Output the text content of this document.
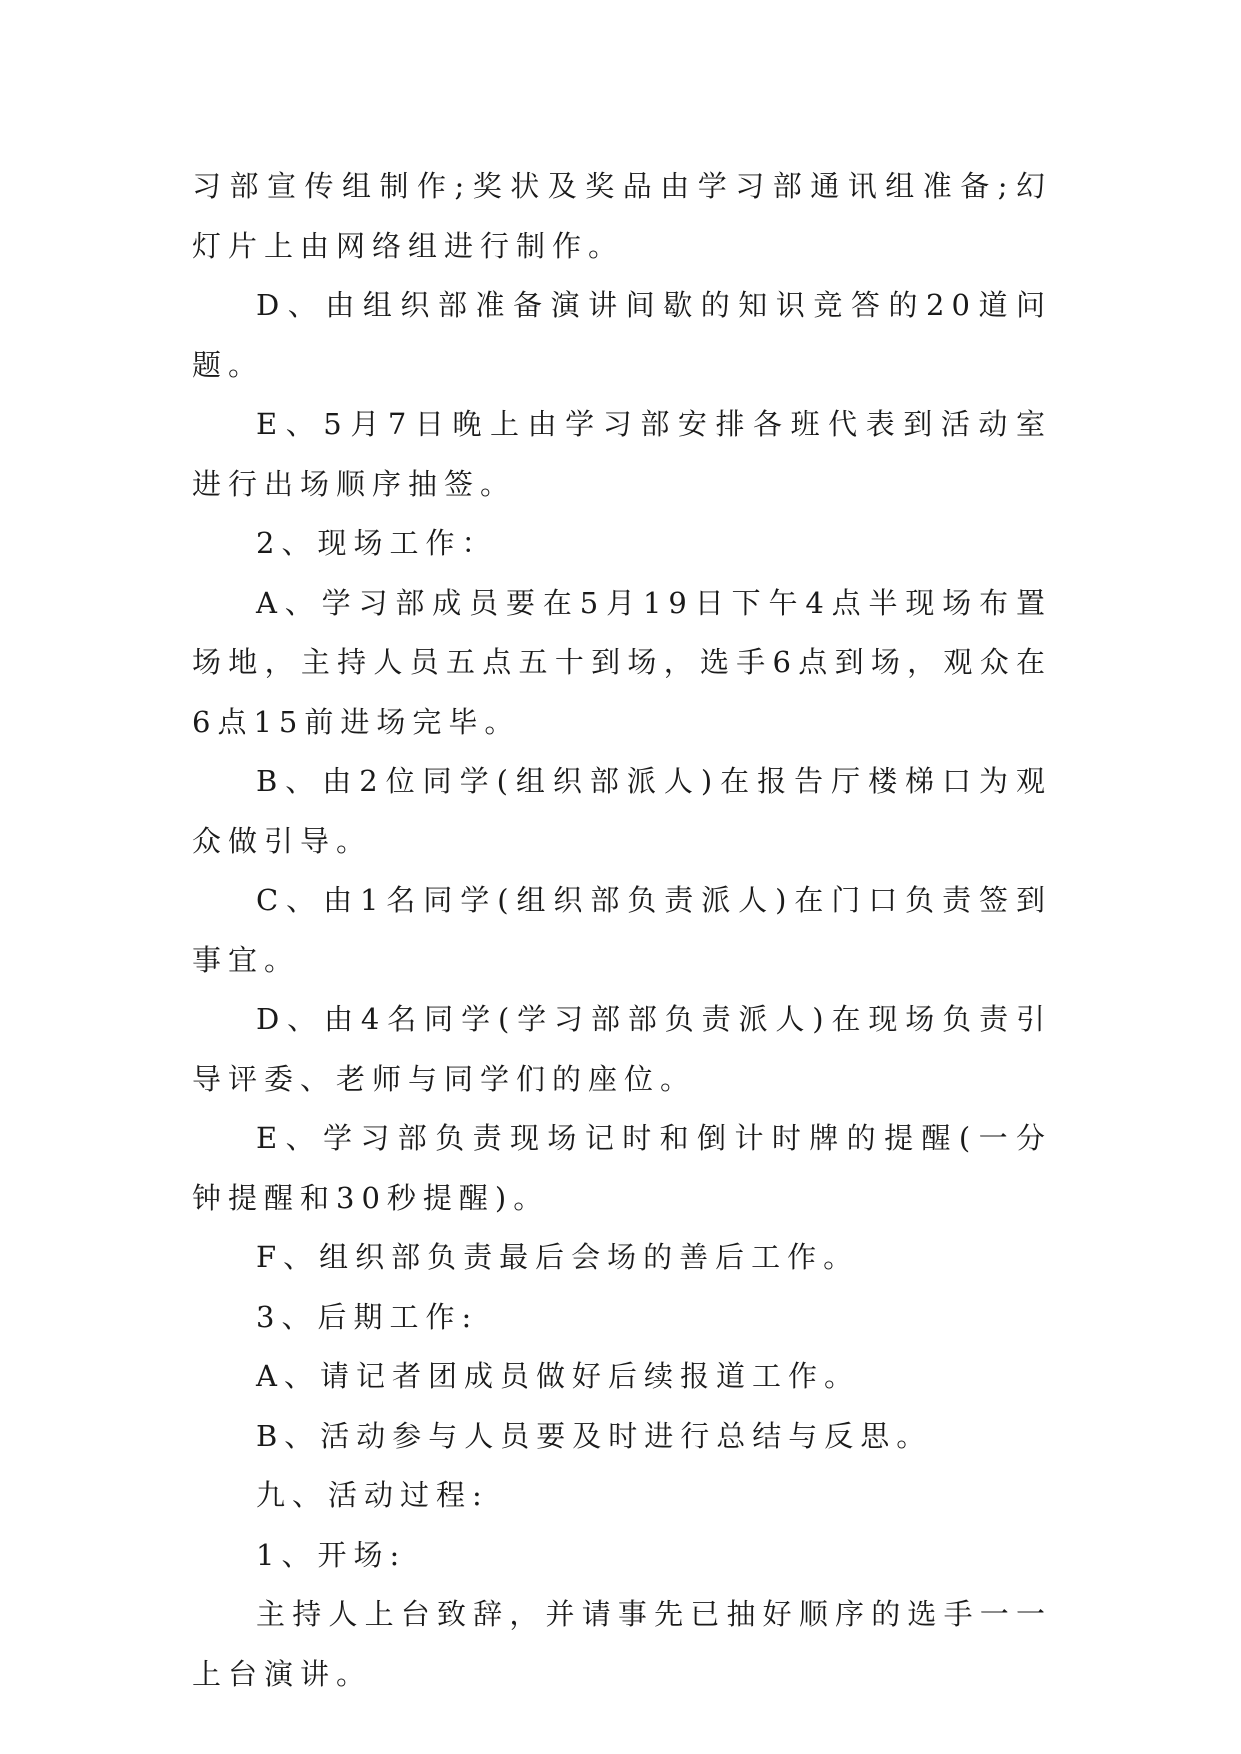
习部宣传组制作;奖状及奖品由学习部通讯组准备;幻灯片上由网络组进行制作。

D、由组织部准备演讲间歇的知识竞答的20道问题。

E、5月7日晚上由学习部安排各班代表到活动室进行出场顺序抽签。

2、现场工作：

A、学习部成员要在5月19日下午4点半现场布置场地，主持人员五点五十到场，选手6点到场，观众在6点15前进场完毕。

B、由2位同学(组织部派人)在报告厅楼梯口为观众做引导。

C、由1名同学(组织部负责派人)在门口负责签到事宜。

D、由4名同学(学习部部负责派人)在现场负责引导评委、老师与同学们的座位。

E、学习部负责现场记时和倒计时牌的提醒(一分钟提醒和30秒提醒)。

F、组织部负责最后会场的善后工作。

3、后期工作:

A、请记者团成员做好后续报道工作。

B、活动参与人员要及时进行总结与反思。

九、活动过程:

1、开场:

主持人上台致辞，并请事先已抽好顺序的选手一一上台演讲。
